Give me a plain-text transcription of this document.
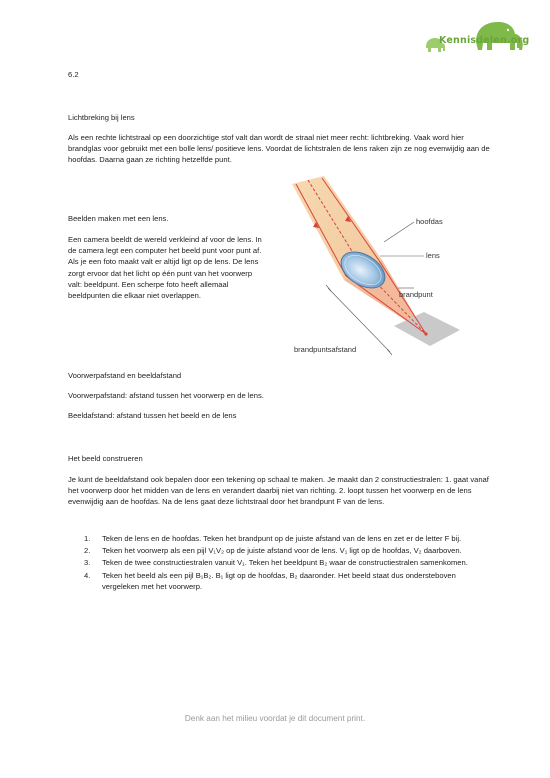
Kennisdelen.org
6.2
Lichtbreking bij lens
Als een rechte lichtstraal op een doorzichtige stof valt dan wordt de straal niet meer recht: lichtbreking. Vaak word hier brandglas voor gebruikt met een bolle lens/ positieve lens. Voordat de lichtstralen de lens raken zijn ze nog evenwijdig aan de hoofdas. Daarna gaan ze richting hetzelfde punt.
Beelden maken met een lens.
Een camera beeldt de wereld verkleind af voor de lens. In de camera legt een computer het beeld punt voor punt af. Als je een foto maakt valt er altijd ligt op de lens. De lens zorgt ervoor dat het licht op één punt van het voorwerp valt: beeldpunt. Een scherpe foto heeft allemaal beeldpunten die elkaar niet overlappen.
hoofdas
lens
brandpunt
brandpuntsafstand
Voorwerpafstand en beeldafstand
Voorwerpafstand: afstand tussen het voorwerp en de lens.
Beeldafstand: afstand tussen het beeld en de lens
Het beeld construeren
Je kunt de beeldafstand ook bepalen door een tekening op schaal te maken. Je maakt dan 2 constructiestralen: 1. gaat vanaf het voorwerp door het midden van de lens en verandert daarbij niet van richting. 2. loopt tussen het voorwerp en de lens evenwijdig aan de hoofdas. Na de lens gaat deze lichtstraal door het brandpunt F van de lens.
1. Teken de lens en de hoofdas. Teken het brandpunt op de juiste afstand van de lens en zet er de letter F bij.
2. Teken het voorwerp als een pijl V₁V₂ op de juiste afstand voor de lens. V₁ ligt op de hoofdas, V₂ daarboven.
3. Teken de twee constructiestralen vanuit V₁. Teken het beeldpunt B₂ waar de constructiestralen samenkomen.
4. Teken het beeld als een pijl B₁B₂. B₁ ligt op de hoofdas, B₂ daaronder. Het beeld staat dus ondersteboven vergeleken met het voorwerp.
Denk aan het milieu voordat je dit document print.
